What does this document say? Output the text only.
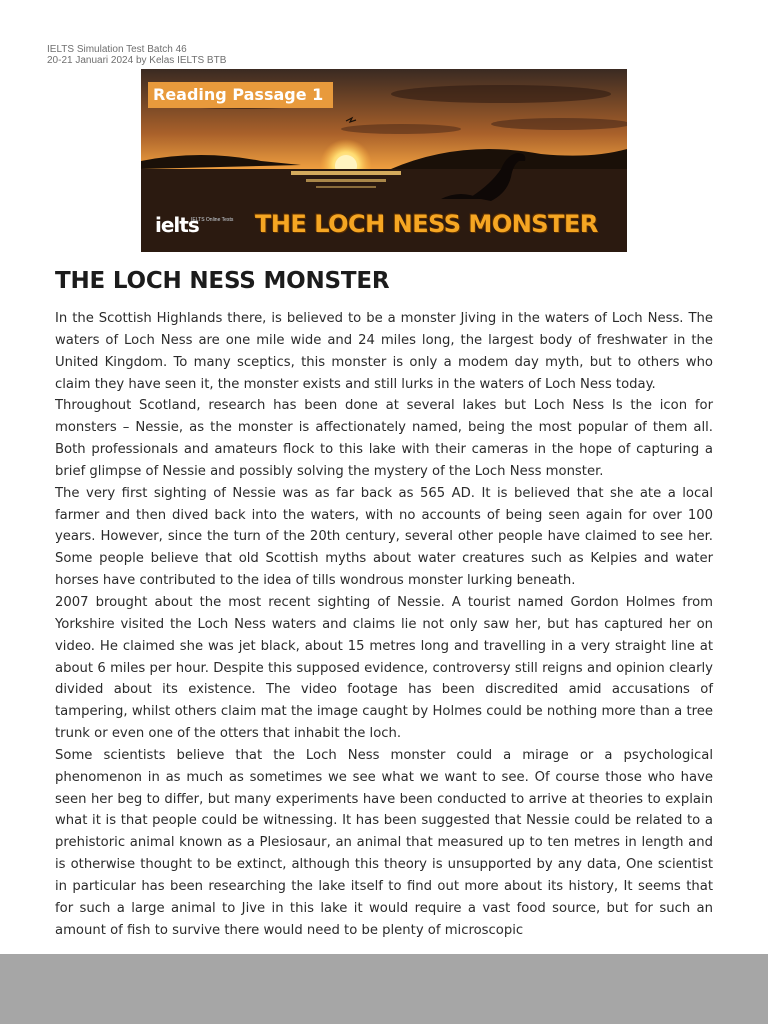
IELTS Simulation Test Batch 46
20-21 Januari 2024 by Kelas IELTS BTB
Reading Passage 1
ielts
IELTS Online Tests THE LOCH NESS MONSTER
THE LOCH NESS MONSTER

In the Scottish Highlands there, is believed to be a monster Jiving in the waters of Loch Ness. The waters of Loch Ness are one mile wide and 24 miles long, the largest body of freshwater in the United Kingdom. To many sceptics, this monster is only a modem day myth, but to others who claim they have seen it, the monster exists and still lurks in the waters of Loch Ness today.

Throughout Scotland, research has been done at several lakes but Loch Ness Is the icon for monsters – Nessie, as the monster is affectionately named, being the most popular of them all. Both professionals and amateurs flock to this lake with their cameras in the hope of capturing a brief glimpse of Nessie and possibly solving the mystery of the Loch Ness monster.

The very first sighting of Nessie was as far back as 565 AD. It is believed that she ate a local farmer and then dived back into the waters, with no accounts of being seen again for over 100 years. However, since the turn of the 20th century, several other people have claimed to see her. Some people believe that old Scottish myths about water creatures such as Kelpies and water horses have contributed to the idea of tills wondrous monster lurking beneath.

2007 brought about the most recent sighting of Nessie. A tourist named Gordon Holmes from Yorkshire visited the Loch Ness waters and claims lie not only saw her, but has captured her on video. He claimed she was jet black, about 15 metres long and travelling in a very straight line at about 6 miles per hour. Despite this supposed evidence, controversy still reigns and opinion clearly divided about its existence. The video footage has been discredited amid accusations of tampering, whilst others claim mat the image caught by Holmes could be nothing more than a tree trunk or even one of the otters that inhabit the loch.

Some scientists believe that the Loch Ness monster could a mirage or a psychological phenomenon in as much as sometimes we see what we want to see. Of course those who have seen her beg to differ, but many experiments have been conducted to arrive at theories to explain what it is that people could be witnessing. It has been suggested that Nessie could be related to a prehistoric animal known as a Plesiosaur, an animal that measured up to ten metres in length and is otherwise thought to be extinct, although this theory is unsupported by any data, One scientist in particular has been researching the lake itself to find out more about its history, It seems that for such a large animal to Jive in this lake it would require a vast food source, but for such an amount of fish to survive there would need to be plenty of microscopic
